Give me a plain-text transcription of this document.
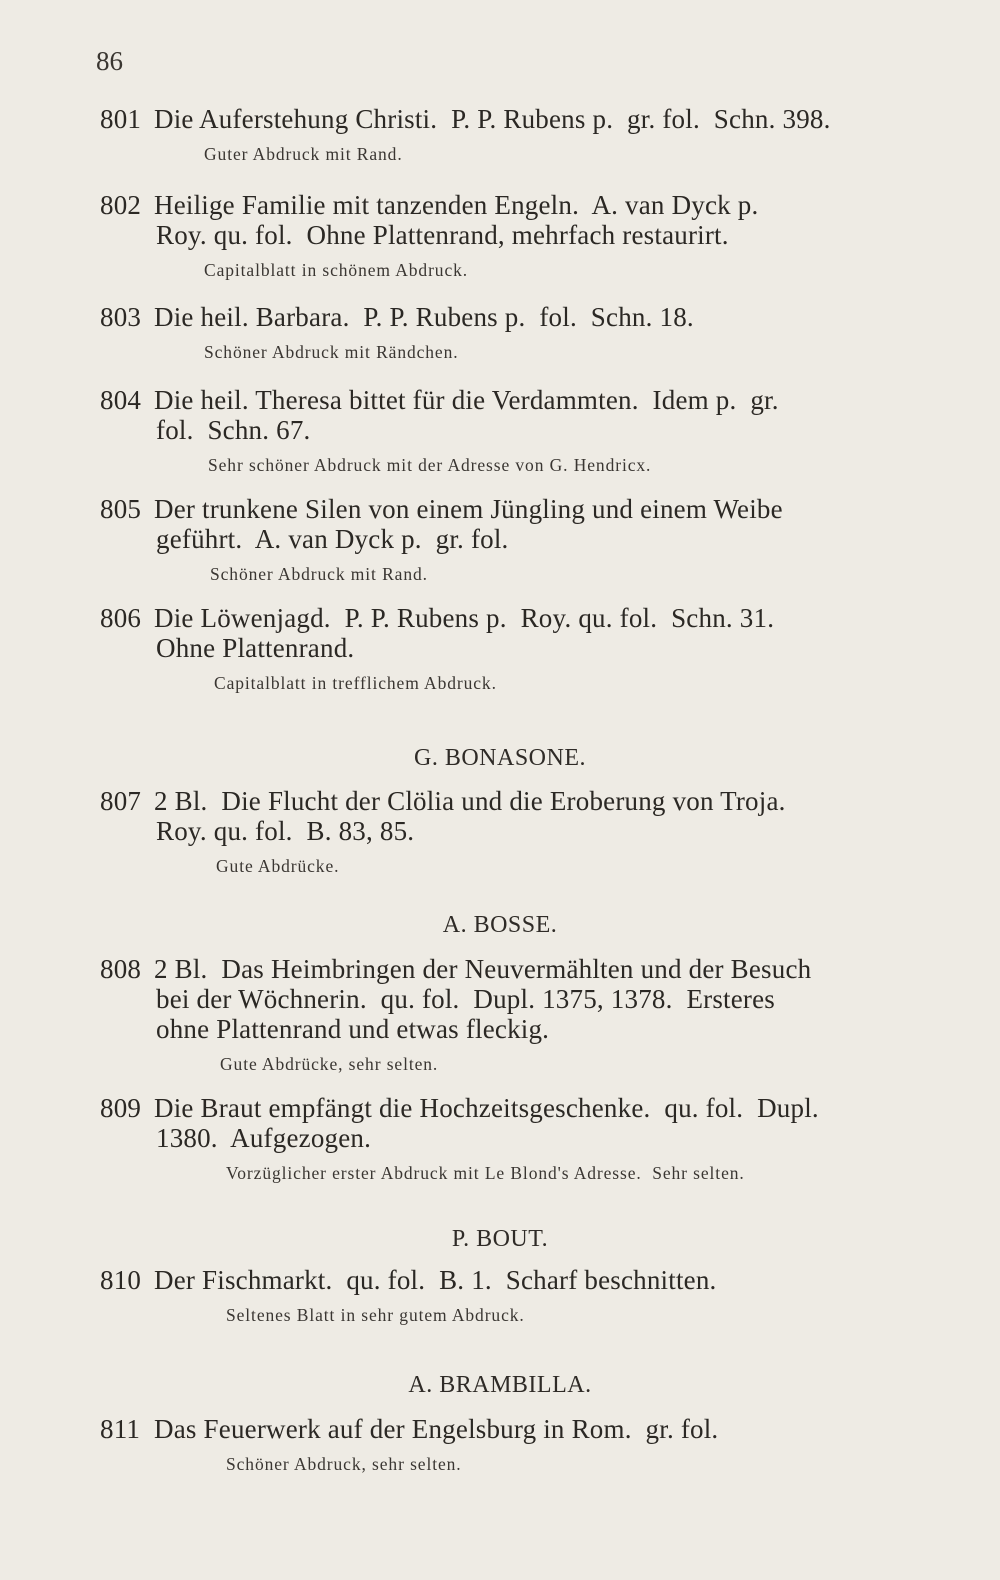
86
801 Die Auferstehung Christi.  P. P. Rubens p.  gr. fol.  Schn. 398.
Guter Abdruck mit Rand.
802 Heilige Familie mit tanzenden Engeln.  A. van Dyck p.
Roy. qu. fol.  Ohne Plattenrand, mehrfach restaurirt.
Capitalblatt in schönem Abdruck.
803 Die heil. Barbara.  P. P. Rubens p.  fol.  Schn. 18.
Schöner Abdruck mit Rändchen.
804 Die heil. Theresa bittet für die Verdammten.  Idem p.  gr.
fol.  Schn. 67.
Sehr schöner Abdruck mit der Adresse von G. Hendricx.
805 Der trunkene Silen von einem Jüngling und einem Weibe
geführt.  A. van Dyck p.  gr. fol.
Schöner Abdruck mit Rand.
806 Die Löwenjagd.  P. P. Rubens p.  Roy. qu. fol.  Schn. 31.
Ohne Plattenrand.
Capitalblatt in trefflichem Abdruck.
G. BONASONE.
807 2 Bl.  Die Flucht der Clölia und die Eroberung von Troja.
Roy. qu. fol.  B. 83, 85.
Gute Abdrücke.
A. BOSSE.
808 2 Bl.  Das Heimbringen der Neuvermählten und der Besuch
bei der Wöchnerin.  qu. fol.  Dupl. 1375, 1378.  Ersteres
ohne Plattenrand und etwas fleckig.
Gute Abdrücke, sehr selten.
809 Die Braut empfängt die Hochzeitsgeschenke.  qu. fol.  Dupl.
1380.  Aufgezogen.
Vorzüglicher erster Abdruck mit Le Blond's Adresse.  Sehr selten.
P. BOUT.
810 Der Fischmarkt.  qu. fol.  B. 1.  Scharf beschnitten.
Seltenes Blatt in sehr gutem Abdruck.
A. BRAMBILLA.
811 Das Feuerwerk auf der Engelsburg in Rom.  gr. fol.
Schöner Abdruck, sehr selten.
